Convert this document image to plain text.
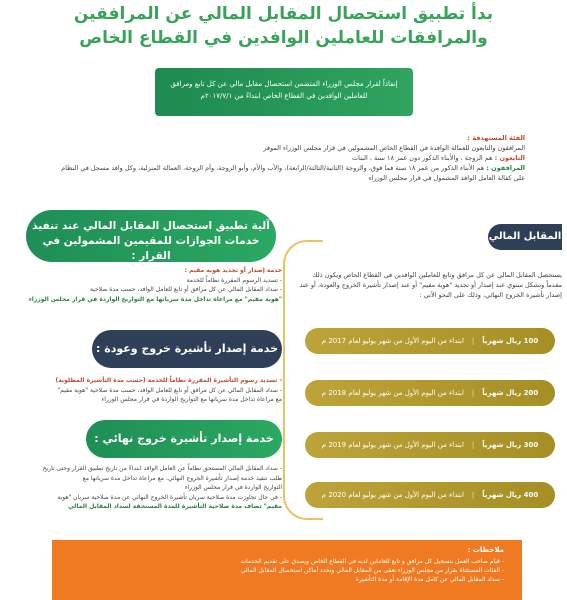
بدأ تطبيق استحصال المقابل المالي عن المرافقين
والمرافقات للعاملين الوافدين في القطاع الخاص
إنفاذاً لقرار مجلس الوزراء المتضمن استحصال مقابل مالي عن كل تابع ومرافق للعاملين الوافدين في القطاع الخاص ابتداءً من ٢٠١٧/٧/١م
الفئة المستهدفة :
المرافقون والتابعون للعمالة الوافدة في القطاع الخاص المشمولين في قرار مجلس الوزراء الموقر
التابعون : هم الزوجة ، والأبناء الذكور دون عمر ١٨ سنة ، البنات
المرافقون : هم الأبناء الذكور من عمر ١٨ سنة فما فوق، والزوجة (الثانية/الثالثة/الرابعة)، والأب والأم، وأبو الزوجة، وأم الزوجة، العمالة المنزلية، وكل وافد مسجل في النظام على كفالة العامل الوافد المشمول في قرار مجلس الوزراء
آلية تطبيق استحصال المقابل المالي عند تنفيذ خدمات الجوازات للمقيمين المشمولين في القرار :
خدمة إصدار أو تجديد هوية مقيم :
- تسديد الرسوم المقررة نظاماً للخدمة
- سداد المقابل المالي عن كل مرافق أو تابع للعامل الوافد، حسب مدة صلاحية
"هوية مقيم" مع مراعاة تداخل مدة سريانها مع التواريخ الواردة في قرار مجلس الوزراء
خدمة إصدار تأشيرة خروج وعودة :
- تسديد رسوم التأشيرة المقررة نظاماً للخدمة (حسب مدة التأشيرة المطلوبة)
- سداد المقابل المالي عن كل مرافق أو تابع للعامل الوافد، حسب مدة صلاحية "هوية مقيم"
مع مراعاة تداخل مدة سريانها مع التواريخ الواردة في قرار مجلس الوزراء
خدمة إصدار تأشيرة خروج نهائي :
- سداد المقابل المالي المستحق نظاماً عن العامل الوافد ابتداءً من تاريخ تطبيق القرار وحتى تاريخ
طلب تنفيذ خدمة إصدار تأشيرة الخروج النهائي، مع مراعاة تداخل مدة سريانها مع
التواريخ الواردة في قرار مجلس الوزراء
- في حال تجاوزت مدة صلاحية سريان تأشيرة الخروج النهائي عن مدة صلاحية سريان "هوية
مقيم" تضاف مدة صلاحية التأشيرة للمدة المستحقة لسداد المقابل المالي
المقابل المالي :
يستحصل المقابل المالي عن كل مرافق وتابع للعاملين الوافدين في القطاع الخاص ويكون ذلك مقدماً وبشكل سنوي عند إصدار أو تجديد "هوية مقيم" أو عند إصدار تأشيرة الخروج والعودة، أو عند إصدار تأشيرة الخروج النهائي، وذلك على النحو الآتي :
100 ريال شهرياً
|
ابتداء من اليوم الأول من شهر يوليو لعام 2017 م
200 ريال شهرياً
|
ابتداء من اليوم الأول من شهر يوليو لعام 2018 م
300 ريال شهرياً
|
ابتداء من اليوم الأول من شهر يوليو لعام 2019 م
400 ريال شهرياً
|
ابتداء من اليوم الأول من شهر يوليو لعام 2020 م
ملاحظات :
- قيام صاحب العمل بتسجيل كل مرافق و تابع للعاملين لديه في القطاع الخاص ويصدق على تقديم الخدمات
- الفئات المستثناة بقرار من مجلس الوزراء تعفى من المقابل المالي وتحدد أماكن استحصال المقابل المالي
- سداد المقابل المالي عن كامل مدة الإقامة أو مدة التأشيرة
